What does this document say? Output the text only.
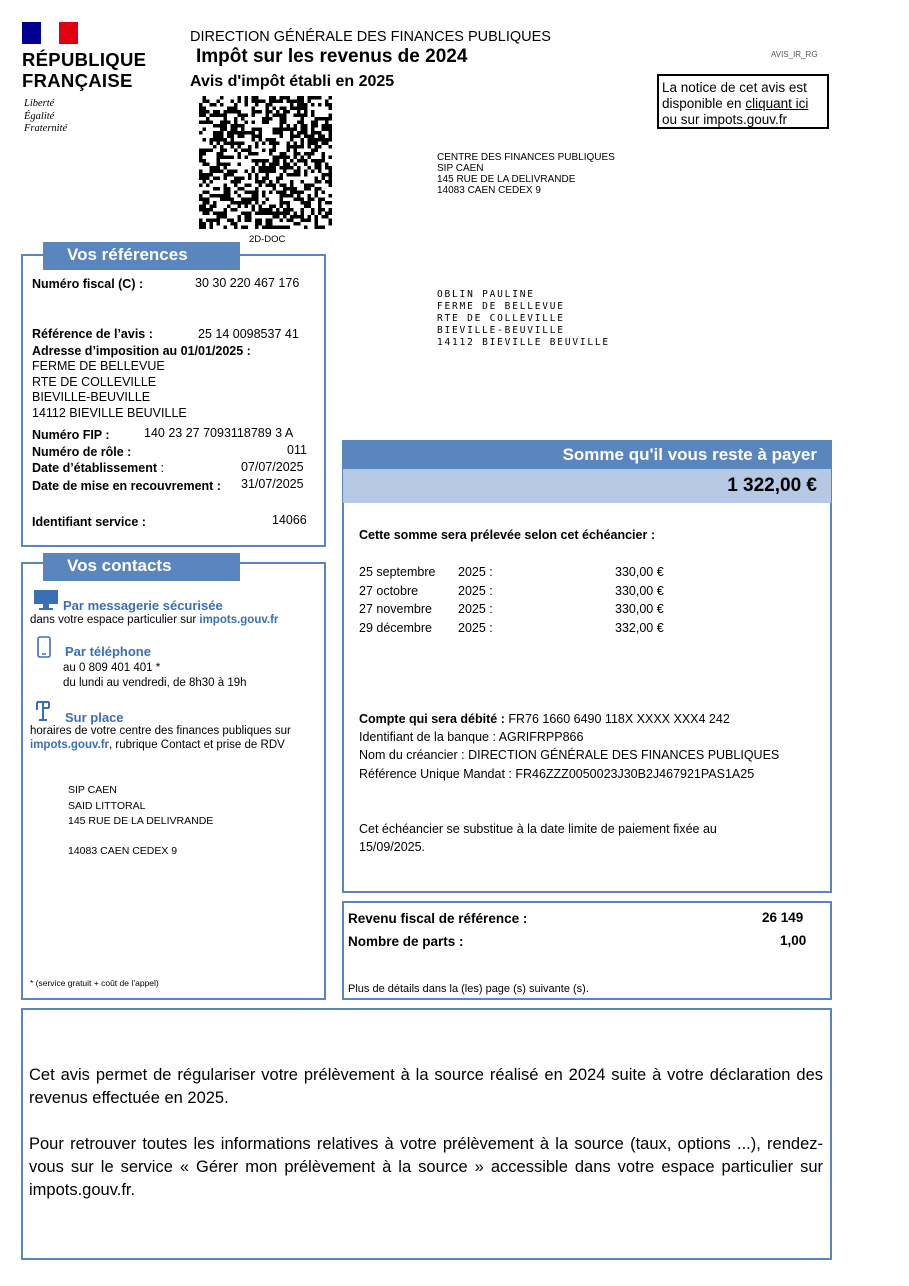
RÉPUBLIQUE
FRANÇAISE
Liberté
Égalité
Fraternité
DIRECTION GÉNÉRALE DES FINANCES PUBLIQUES
Impôt sur les revenus de 2024
Avis d'impôt établi en 2025
AVIS_IR_RG
La notice de cet avis est
disponible en cliquant ici
ou sur impots.gouv.fr
2D-DOC
CENTRE DES FINANCES PUBLIQUES
SIP CAEN
145 RUE DE LA DELIVRANDE
14083 CAEN CEDEX 9
OBLIN PAULINE
FERME DE BELLEVUE
RTE DE COLLEVILLE
BIEVILLE-BEUVILLE
14112 BIEVILLE BEUVILLE
Vos références
Numéro fiscal (C) :	30 30 220 467 176
Référence de l’avis :	25 14 0098537 41
Adresse d’imposition au 01/01/2025 :
FERME DE BELLEVUE
RTE DE COLLEVILLE
BIEVILLE-BEUVILLE
14112 BIEVILLE BEUVILLE
Numéro FIP :	140 23 27 7093118789 3 A
Numéro de rôle :	011
Date d’établissement :	07/07/2025
Date de mise en recouvrement : 31/07/2025
Identifiant service :	14066
Vos contacts
Par messagerie sécurisée
dans votre espace particulier sur impots.gouv.fr
Par téléphone
au 0 809 401 401 *
du lundi au vendredi, de 8h30 à 19h
Sur place
horaires de votre centre des finances publiques sur
impots.gouv.fr, rubrique Contact et prise de RDV
SIP CAEN
SAID LITTORAL
145 RUE DE LA DELIVRANDE
14083 CAEN CEDEX 9
* (service gratuit + coût de l’appel)
Somme qu'il vous reste à payer
1 322,00 €
Cette somme sera prélevée selon cet échéancier :
25 septembre	2025 :	330,00 €
27 octobre	2025 :	330,00 €
27 novembre	2025 :	330,00 €
29 décembre	2025 :	332,00 €
Compte qui sera débité : FR76 1660 6490 118X XXXX XXX4 242
Identifiant de la banque : AGRIFRPP866
Nom du créancier : DIRECTION GÉNÉRALE DES FINANCES PUBLIQUES
Référence Unique Mandat : FR46ZZZ0050023J30B2J467921PAS1A25
Cet échéancier se substitue à la date limite de paiement fixée au
15/09/2025.
Revenu fiscal de référence :	26 149
Nombre de parts :	1,00
Plus de détails dans la (les) page (s) suivante (s).

Cet avis permet de régulariser votre prélèvement à la source réalisé en 2024 suite à votre déclaration des revenus effectuée en 2025.

Pour retrouver toutes les informations relatives à votre prélèvement à la source (taux, options ...), rendez-vous sur le service « Gérer mon prélèvement à la source » accessible dans votre espace particulier sur impots.gouv.fr.
